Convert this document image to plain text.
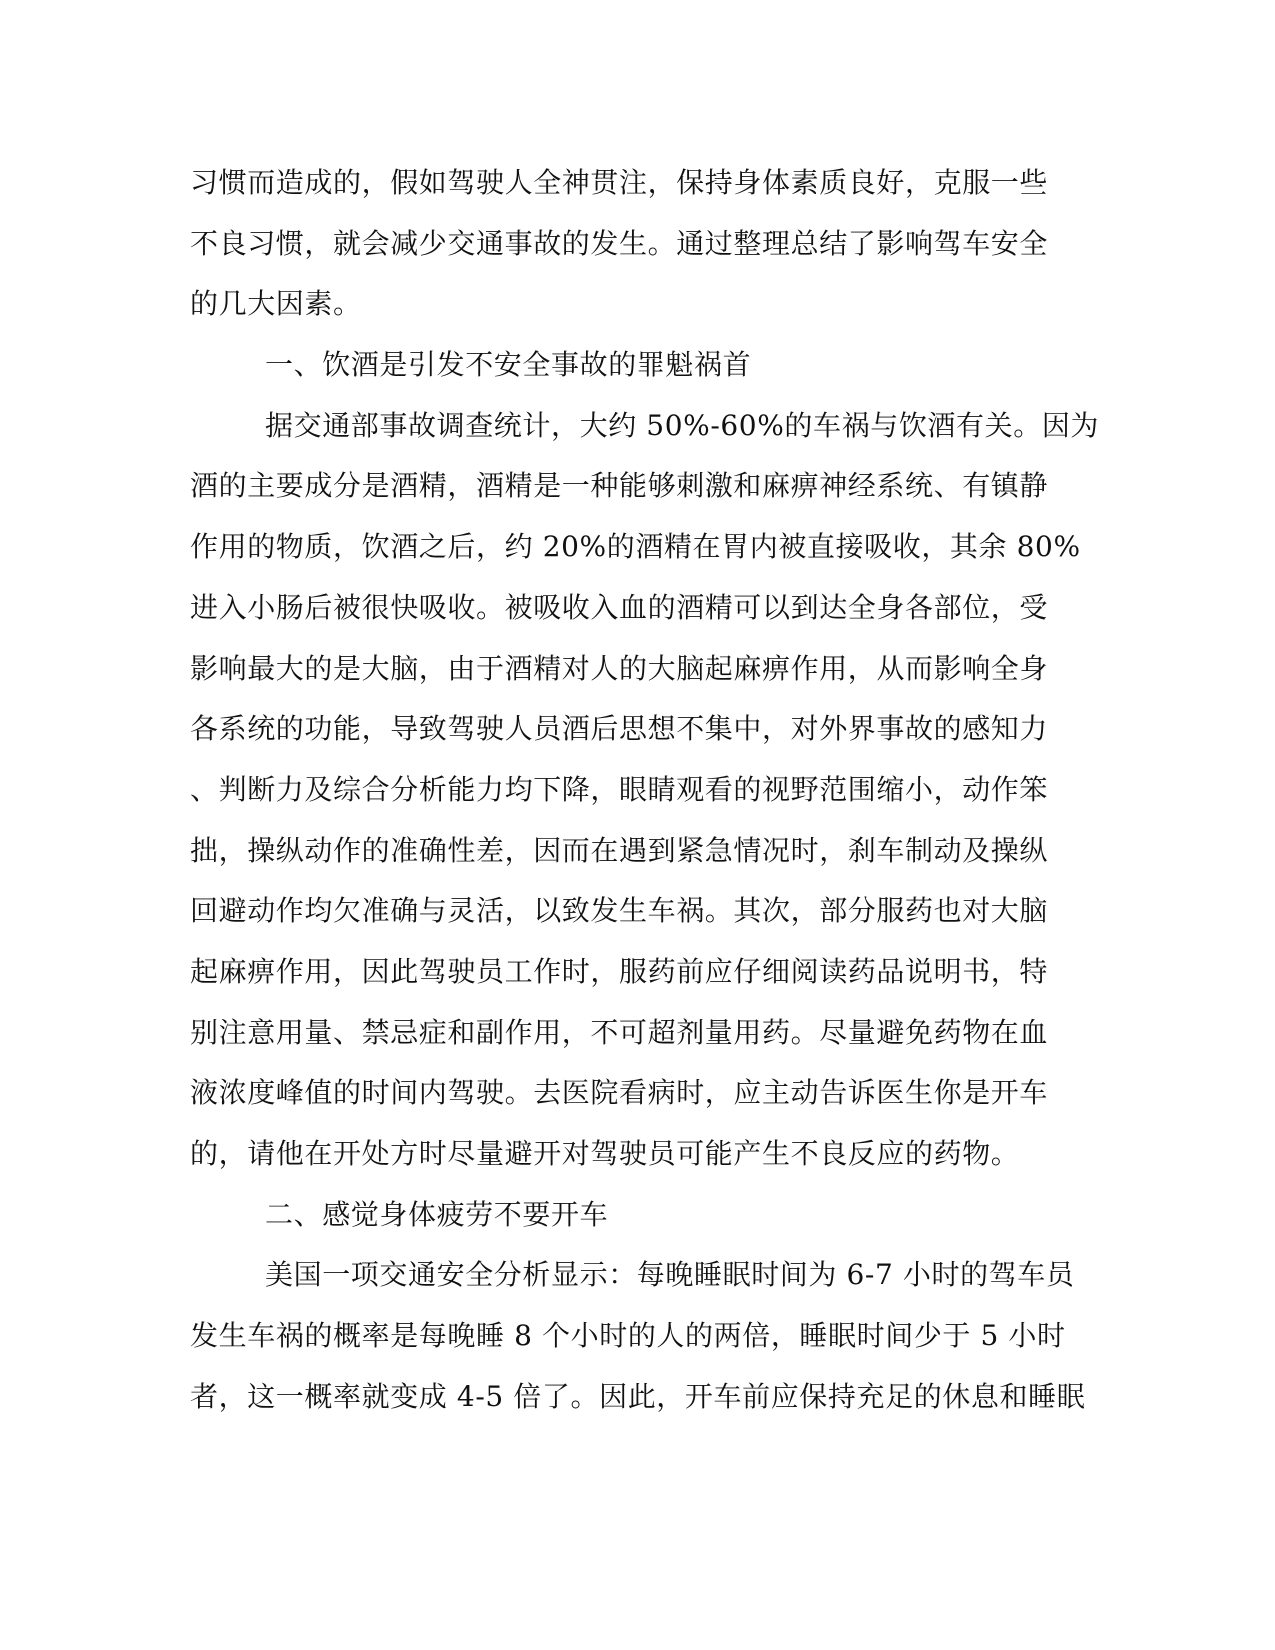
习惯而造成的，假如驾驶人全神贯注，保持身体素质良好，克服一些
不良习惯，就会减少交通事故的发生。通过整理总结了影响驾车安全
的几大因素。
一、饮酒是引发不安全事故的罪魁祸首
据交通部事故调查统计，大约 50%-60%的车祸与饮酒有关。因为
酒的主要成分是酒精，酒精是一种能够刺激和麻痹神经系统、有镇静
作用的物质，饮酒之后，约 20%的酒精在胃内被直接吸收，其余 80%
进入小肠后被很快吸收。被吸收入血的酒精可以到达全身各部位，受
影响最大的是大脑，由于酒精对人的大脑起麻痹作用，从而影响全身
各系统的功能，导致驾驶人员酒后思想不集中，对外界事故的感知力
、判断力及综合分析能力均下降，眼睛观看的视野范围缩小，动作笨
拙，操纵动作的准确性差，因而在遇到紧急情况时，刹车制动及操纵
回避动作均欠准确与灵活，以致发生车祸。其次，部分服药也对大脑
起麻痹作用，因此驾驶员工作时，服药前应仔细阅读药品说明书，特
别注意用量、禁忌症和副作用，不可超剂量用药。尽量避免药物在血
液浓度峰值的时间内驾驶。去医院看病时，应主动告诉医生你是开车
的，请他在开处方时尽量避开对驾驶员可能产生不良反应的药物。
二、感觉身体疲劳不要开车
美国一项交通安全分析显示：每晚睡眠时间为 6-7 小时的驾车员
发生车祸的概率是每晚睡 8 个小时的人的两倍，睡眠时间少于 5 小时
者，这一概率就变成 4-5 倍了。因此，开车前应保持充足的休息和睡眠
